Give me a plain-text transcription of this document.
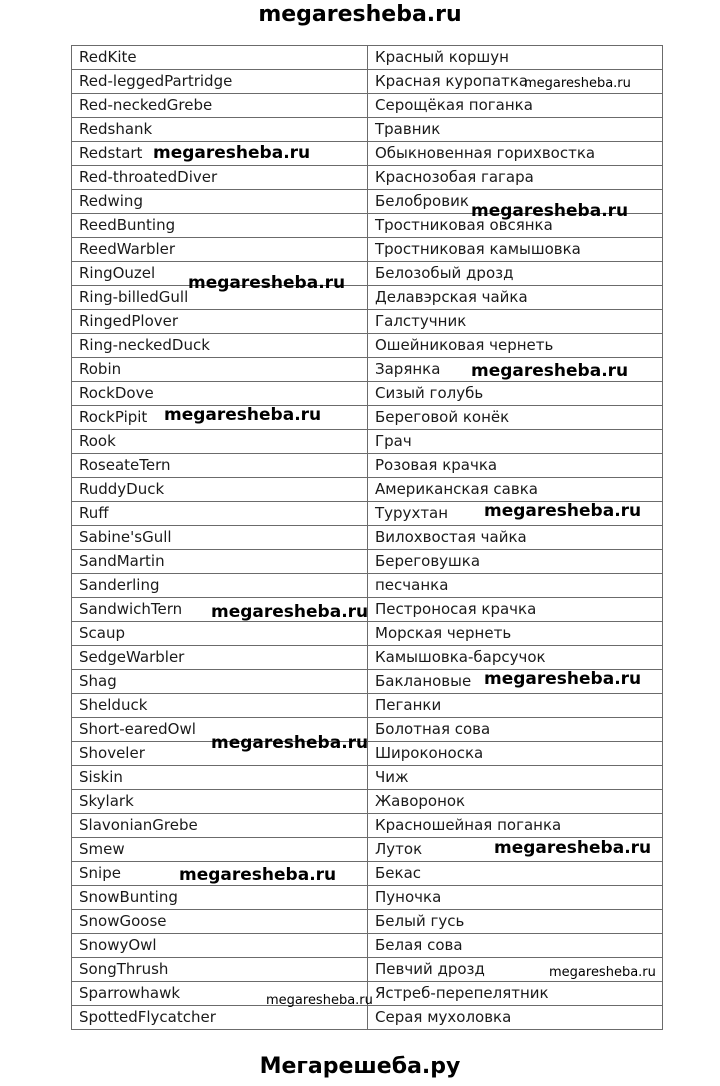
megaresheba.ru
RedKite	Красный коршун
Red-leggedPartridge	Красная куропатка
Red-neckedGrebe	Серощёкая поганка
Redshank	Травник
Redstart	Обыкновенная горихвостка
Red-throatedDiver	Краснозобая гагара
Redwing	Белобровик
ReedBunting	Тростниковая овсянка
ReedWarbler	Тростниковая камышовка
RingOuzel	Белозобый дрозд
Ring-billedGull	Делавэрская чайка
RingedPlover	Галстучник
Ring-neckedDuck	Ошейниковая чернеть
Robin	Зарянка
RockDove	Сизый голубь
RockPipit	Береговой конёк
Rook	Грач
RoseateTern	Розовая крачка
RuddyDuck	Американская савка
Ruff	Турухтан
Sabine'sGull	Вилохвостая чайка
SandMartin	Береговушка
Sanderling	песчанка
SandwichTern	Пестроносая крачка
Scaup	Морская чернеть
SedgeWarbler	Камышовка-барсучок
Shag	Баклановые
Shelduck	Пеганки
Short-earedOwl	Болотная сова
Shoveler	Широконоска
Siskin	Чиж
Skylark	Жаворонок
SlavonianGrebe	Красношейная поганка
Smew	Луток
Snipe	Бекас
SnowBunting	Пуночка
SnowGoose	Белый гусь
SnowyOwl	Белая сова
SongThrush	Певчий дрозд
Sparrowhawk	Ястреб-перепелятник
SpottedFlycatcher	Серая мухоловка
megaresheba.ru
megaresheba.ru
megaresheba.ru
megaresheba.ru
megaresheba.ru
megaresheba.ru
megaresheba.ru
megaresheba.ru
megaresheba.ru
megaresheba.ru
megaresheba.ru
megaresheba.ru
megaresheba.ru
megaresheba.ru
Мегарешеба.ру
